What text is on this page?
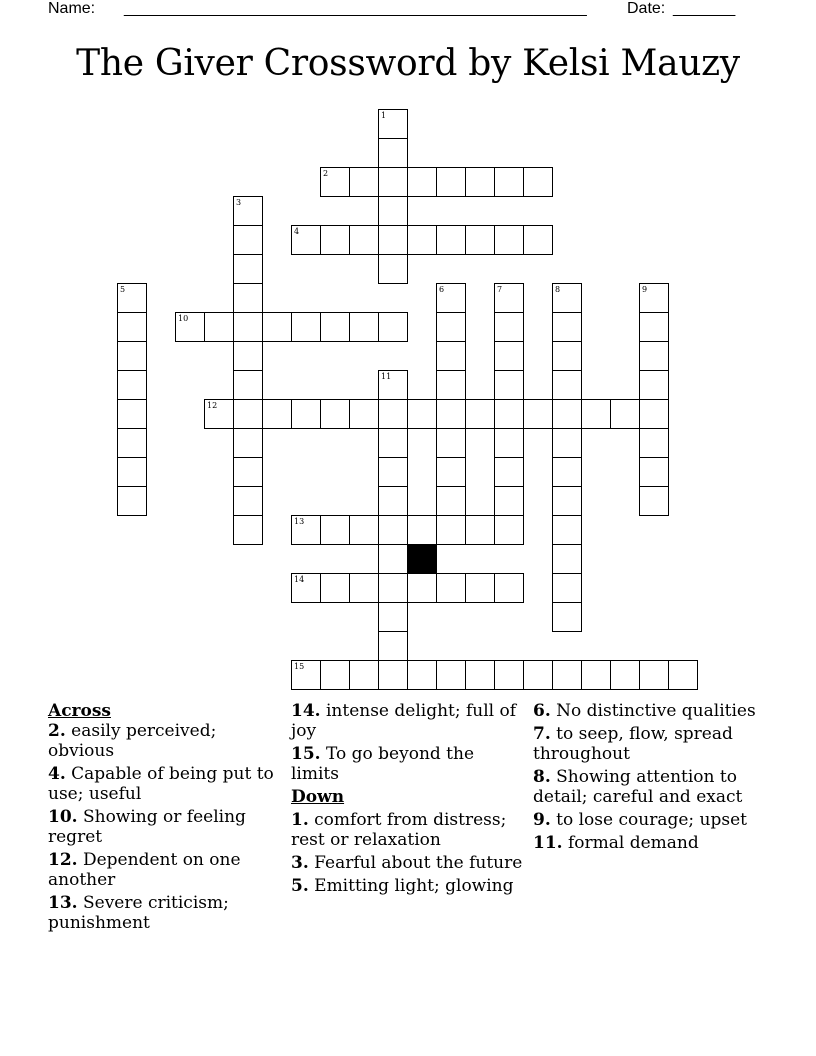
Name: ____________________________________________________	Date: _______
The Giver Crossword by Kelsi Mauzy
2
4
10
12
13
14
15
1
3
5	6	7	8	9
11

Across

2. easily perceived; obvious

4. Capable of being put to use; useful

10. Showing or feeling regret

12. Dependent on one another

13. Severe criticism; punishment

14. intense delight; full of joy

15. To go beyond the limits

Down

1. comfort from distress; rest or relaxation

3. Fearful about the future

5. Emitting light; glowing

6. No distinctive qualities

7. to seep, flow, spread throughout

8. Showing attention to detail; careful and exact

9. to lose courage; upset

11. formal demand
